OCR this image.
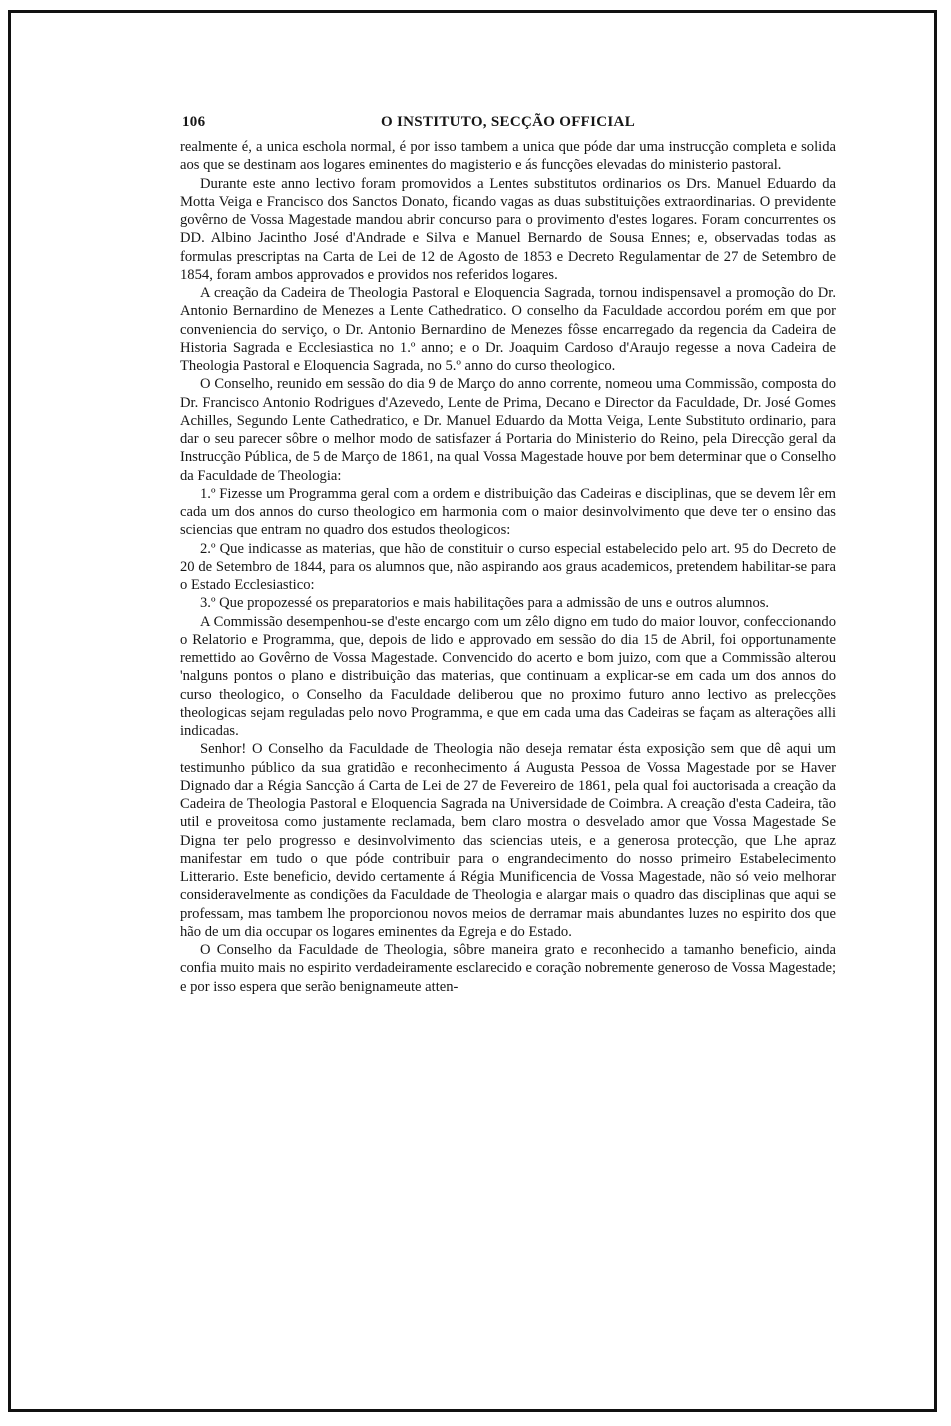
106	O INSTITUTO, SECÇÃO OFFICIAL

realmente é, a unica eschola normal, é por isso tambem a unica que póde dar uma instrucção completa e solida aos que se destinam aos logares eminentes do magisterio e ás funcções elevadas do ministerio pastoral.

Durante este anno lectivo foram promovidos a Lentes substitutos ordinarios os Drs. Manuel Eduardo da Motta Veiga e Francisco dos Sanctos Donato, ficando vagas as duas substituições extraordinarias. O previdente govêrno de Vossa Magestade mandou abrir concurso para o provimento d'estes logares. Foram concurrentes os DD. Albino Jacintho José d'Andrade e Silva e Manuel Bernardo de Sousa Ennes; e, observadas todas as formulas prescriptas na Carta de Lei de 12 de Agosto de 1853 e Decreto Regulamentar de 27 de Setembro de 1854, foram ambos approvados e providos nos referidos logares.

A creação da Cadeira de Theologia Pastoral e Eloquencia Sagrada, tornou indispensavel a promoção do Dr. Antonio Bernardino de Menezes a Lente Cathedratico. O conselho da Faculdade accordou porém em que por conveniencia do serviço, o Dr. Antonio Bernardino de Menezes fôsse encarregado da regencia da Cadeira de Historia Sagrada e Ecclesiastica no 1.º anno; e o Dr. Joaquim Cardoso d'Araujo regesse a nova Cadeira de Theologia Pastoral e Eloquencia Sagrada, no 5.º anno do curso theologico.

O Conselho, reunido em sessão do dia 9 de Março do anno corrente, nomeou uma Commissão, composta do Dr. Francisco Antonio Rodrigues d'Azevedo, Lente de Prima, Decano e Director da Faculdade, Dr. José Gomes Achilles, Segundo Lente Cathedratico, e Dr. Manuel Eduardo da Motta Veiga, Lente Substituto ordinario, para dar o seu parecer sôbre o melhor modo de satisfazer á Portaria do Ministerio do Reino, pela Direcção geral da Instrucção Pública, de 5 de Março de 1861, na qual Vossa Magestade houve por bem determinar que o Conselho da Faculdade de Theologia:

1.º Fizesse um Programma geral com a ordem e distribuição das Cadeiras e disciplinas, que se devem lêr em cada um dos annos do curso theologico em harmonia com o maior desinvolvimento que deve ter o ensino das sciencias que entram no quadro dos estudos theologicos:

2.º Que indicasse as materias, que hão de constituir o curso especial estabelecido pelo art. 95 do Decreto de 20 de Setembro de 1844, para os alumnos que, não aspirando aos graus academicos, pretendem habilitar-se para o Estado Ecclesiastico:

3.º Que propozessé os preparatorios e mais habilitações para a admissão de uns e outros alumnos.

A Commissão desempenhou-se d'este encargo com um zêlo digno em tudo do maior louvor, confeccionando o Relatorio e Programma, que, depois de lido e approvado em sessão do dia 15 de Abril, foi opportunamente remettido ao Govêrno de Vossa Magestade. Convencido do acerto e bom juizo, com que a Commissão alterou 'nalguns pontos o plano e distribuição das materias, que continuam a explicar-se em cada um dos annos do curso theologico, o Conselho da Faculdade deliberou que no proximo futuro anno lectivo as prelecções theologicas sejam reguladas pelo novo Programma, e que em cada uma das Cadeiras se façam as alterações alli indicadas.

Senhor! O Conselho da Faculdade de Theologia não deseja rematar ésta exposição sem que dê aqui um testimunho público da sua gratidão e reconhecimento á Augusta Pessoa de Vossa Magestade por se Haver Dignado dar a Régia Sancção á Carta de Lei de 27 de Fevereiro de 1861, pela qual foi auctorisada a creação da Cadeira de Theologia Pastoral e Eloquencia Sagrada na Universidade de Coimbra. A creação d'esta Cadeira, tão util e proveitosa como justamente reclamada, bem claro mostra o desvelado amor que Vossa Magestade Se Digna ter pelo progresso e desinvolvimento das sciencias uteis, e a generosa protecção, que Lhe apraz manifestar em tudo o que póde contribuir para o engrandecimento do nosso primeiro Estabelecimento Litterario. Este beneficio, devido certamente á Régia Munificencia de Vossa Magestade, não só veio melhorar consideravelmente as condições da Faculdade de Theologia e alargar mais o quadro das disciplinas que aqui se professam, mas tambem lhe proporcionou novos meios de derramar mais abundantes luzes no espirito dos que hão de um dia occupar os logares eminentes da Egreja e do Estado.

O Conselho da Faculdade de Theologia, sôbre maneira grato e reconhecido a tamanho beneficio, ainda confia muito mais no espirito verdadeiramente esclarecido e coração nobremente generoso de Vossa Magestade; e por isso espera que serão benignameute atten-
